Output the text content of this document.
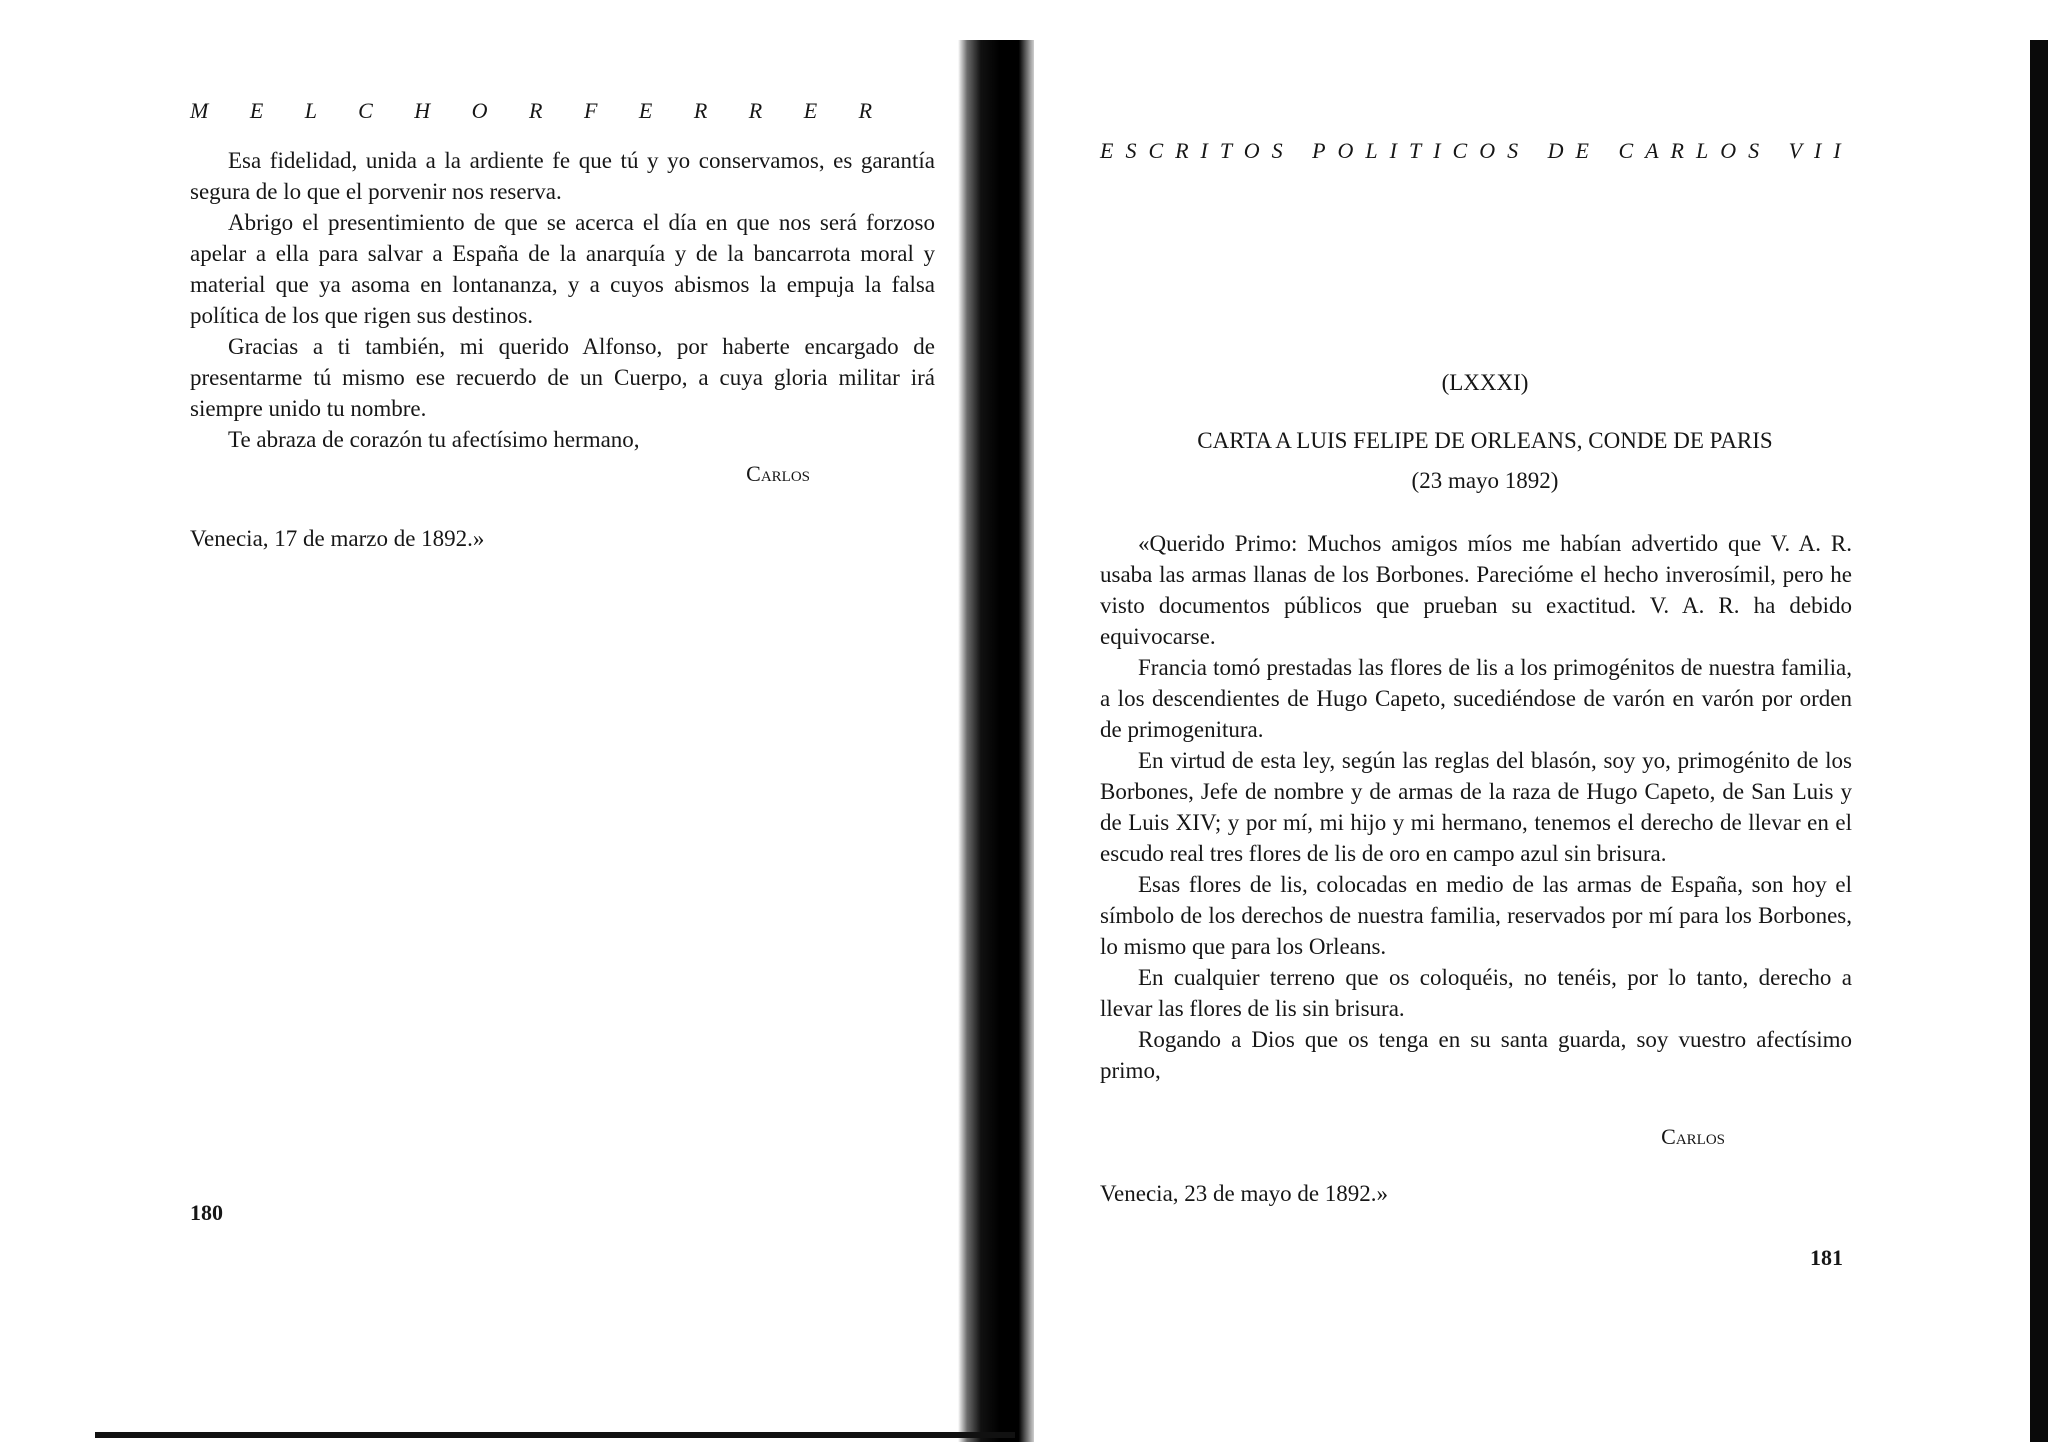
M E L C H O R F E R R E R

Esa fidelidad, unida a la ardiente fe que tú y yo conservamos, es garantía segura de lo que el porvenir nos reserva.

Abrigo el presentimiento de que se acerca el día en que nos será forzoso apelar a ella para salvar a España de la anarquía y de la bancarrota moral y material que ya asoma en lontananza, y a cuyos abismos la empuja la falsa política de los que rigen sus destinos.

Gracias a ti también, mi querido Alfonso, por haberte encargado de presentarme tú mismo ese recuerdo de un Cuerpo, a cuya gloria militar irá siempre unido tu nombre.

Te abraza de corazón tu afectísimo hermano,

Carlos
Venecia, 17 de marzo de 1892.»
180
ESCRITOS POLITICOS DE CARLOS VII
(LXXXI)
CARTA A LUIS FELIPE DE ORLEANS, CONDE DE PARIS
(23 mayo 1892)

«Querido Primo: Muchos amigos míos me habían advertido que V. A. R. usaba las armas llanas de los Borbones. Parecióme el hecho inverosímil, pero he visto documentos públicos que prueban su exactitud. V. A. R. ha debido equivocarse.

Francia tomó prestadas las flores de lis a los primogénitos de nuestra familia, a los descendientes de Hugo Capeto, sucediéndose de varón en varón por orden de primogenitura.

En virtud de esta ley, según las reglas del blasón, soy yo, primogénito de los Borbones, Jefe de nombre y de armas de la raza de Hugo Capeto, de San Luis y de Luis XIV; y por mí, mi hijo y mi hermano, tenemos el derecho de llevar en el escudo real tres flores de lis de oro en campo azul sin brisura.

Esas flores de lis, colocadas en medio de las armas de España, son hoy el símbolo de los derechos de nuestra familia, reservados por mí para los Borbones, lo mismo que para los Orleans.

En cualquier terreno que os coloquéis, no tenéis, por lo tanto, derecho a llevar las flores de lis sin brisura.

Rogando a Dios que os tenga en su santa guarda, soy vuestro afectísimo primo,

Carlos
Venecia, 23 de mayo de 1892.»
181
